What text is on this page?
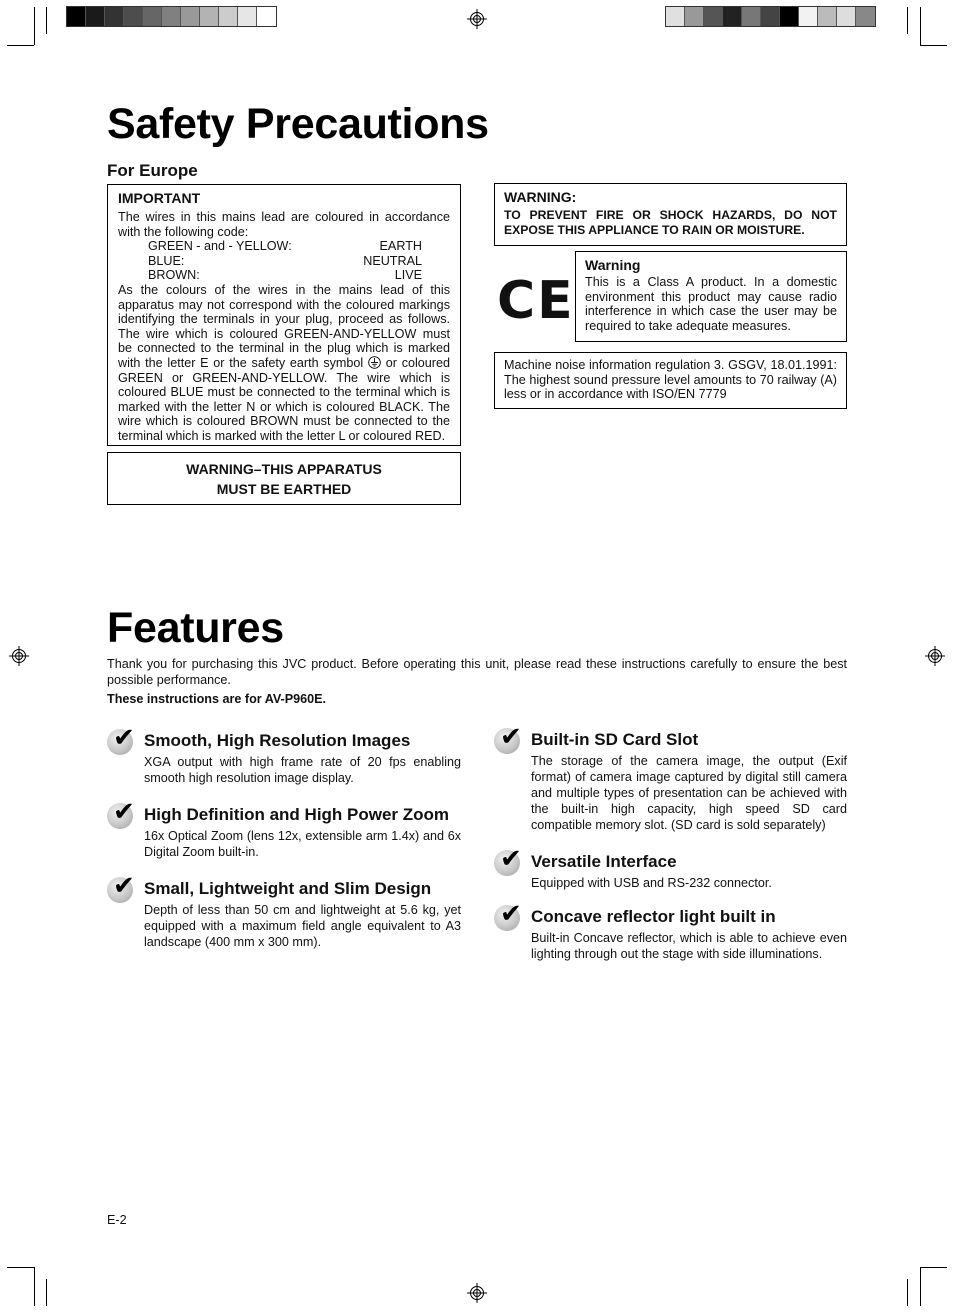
Safety Precautions
For Europe
IMPORTANT
The wires in this mains lead are coloured in accordance with the following code:
GREEN - and - YELLOW:	EARTH
BLUE:	NEUTRAL
BROWN:	LIVE
As the colours of the wires in the mains lead of this apparatus may not correspond with the coloured markings identifying the terminals in your plug, proceed as follows. The wire which is coloured GREEN-AND-YELLOW must be connected to the terminal in the plug which is marked with the letter E or the safety earth symbol or coloured GREEN or GREEN-AND-YELLOW. The wire which is coloured BLUE must be connected to the terminal which is marked with the letter N or which is coloured BLACK. The wire which is coloured BROWN must be connected to the terminal which is marked with the letter L or coloured RED.
WARNING–THIS APPARATUS
MUST BE EARTHED
WARNING:
TO PREVENT FIRE OR SHOCK HAZARDS, DO NOT EXPOSE THIS APPLIANCE TO RAIN OR MOISTURE.
CE
Warning
This is a Class A product. In a domestic environment this product may cause radio interference in which case the user may be required to take adequate measures.
Machine noise information regulation 3. GSGV, 18.01.1991: The highest sound pressure level amounts to 70 railway (A) less or in accordance with ISO/EN 7779
Features
Thank you for purchasing this JVC product. Before operating this unit, please read these instructions carefully to ensure the best possible performance.
These instructions are for AV-P960E.
✔ Smooth, High Resolution Images
XGA output with high frame rate of 20 fps enabling smooth high resolution image display.
✔ High Definition and High Power Zoom
16x Optical Zoom (lens 12x, extensible arm 1.4x) and 6x Digital Zoom built-in.
✔ Small, Lightweight and Slim Design
Depth of less than 50 cm and lightweight at 5.6 kg, yet equipped with a maximum field angle equivalent to A3 landscape (400 mm x 300 mm).
✔ Built-in SD Card Slot
The storage of the camera image, the output (Exif format) of camera image captured by digital still camera and multiple types of presentation can be achieved with the built-in high capacity, high speed SD card compatible memory slot. (SD card is sold separately)
✔ Versatile Interface
Equipped with USB and RS-232 connector.
✔ Concave reflector light built in
Built-in Concave reflector, which is able to achieve even lighting through out the stage with side illuminations.
E-2
